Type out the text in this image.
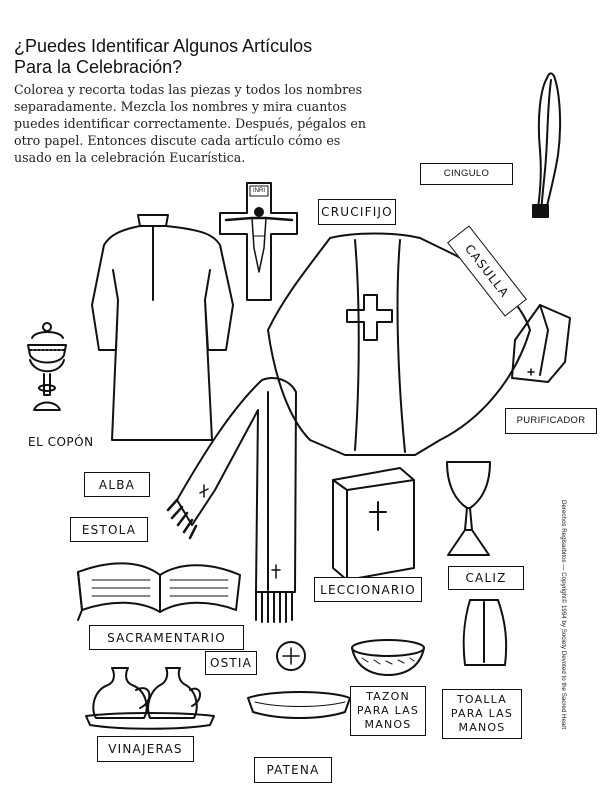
¿Puedes Identificar Algunos Artículos
Para la Celebración?
Colorea y recorta todas las piezas y todos los nombres
separadamente. Mezcla los nombres y mira cuantos
puedes identificar correctamente. Después, pégalos en
otro papel. Entonces discute cada artículo cómo es
usado en la celebración Eucarística.
CINGULO
CRUCIFIJO
CASULLA
EL COPÓN
PURIFICADOR
ALBA
ESTOLA
LECCIONARIO
CALIZ
SACRAMENTARIO
OSTIA
TAZON
PARA LAS
MANOS
TOALLA
PARA LAS
MANOS
VINAJERAS
PATENA
INRI
Derechos Reglsarbitos — Copyright© 1994 by Society Devoted to the Sacred Heart
